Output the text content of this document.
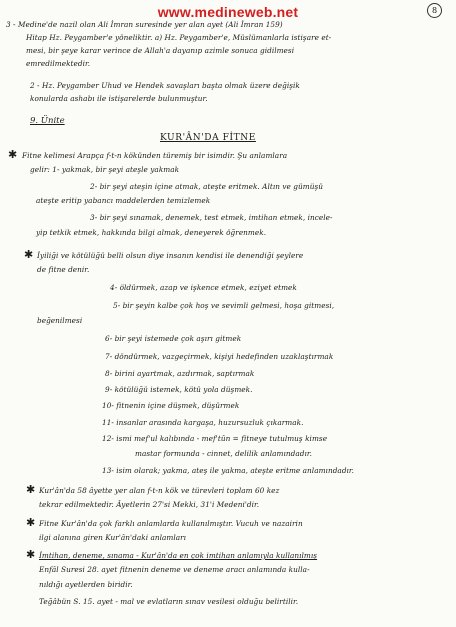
www.medineweb.net	8
3 - Medine'de nazil olan Ali İmran suresinde yer alan ayet (Ali İmran 159)
Hitap Hz. Peygamber'e yöneliktir. a) Hz. Peygamber'e, Müslümanlarla istişare et-
mesi, bir şeye karar verince de Allah'a dayanıp azimle sonuca gidilmesi
emredilmektedir.
2 - Hz. Peygamber Uhud ve Hendek savaşları başta olmak üzere değişik
konularda ashabı ile istişarelerde bulunmuştur.
9. Ünite
KUR'ÂN'DA FİTNE
✱ Fitne kelimesi Arapça f-t-n kökünden türemiş bir isimdir. Şu anlamlara
gelir: 1- yakmak, bir şeyi ateşle yakmak
2- bir şeyi ateşin içine atmak, ateşte eritmek. Altın ve gümüşü
ateşte eritip yabancı maddelerden temizlemek
3- bir şeyi sınamak, denemek, test etmek, imtihan etmek, incele-
yip tetkik etmek, hakkında bilgi almak, deneyerek öğrenmek.
✱ İyiliği ve kötülüğü belli olsun diye insanın kendisi ile denendiği şeylere
de fitne denir.
4- öldürmek, azap ve işkence etmek, eziyet etmek
5- bir şeyin kalbe çok hoş ve sevimli gelmesi, hoşa gitmesi,
beğenilmesi
6- bir şeyi istemede çok aşırı gitmek
7- döndürmek, vazgeçirmek, kişiyi hedefinden uzaklaştırmak
8- birini ayartmak, azdırmak, saptırmak
9- kötülüğü istemek, kötü yola düşmek.
10- fitnenin içine düşmek, düşürmek
11- insanlar arasında kargaşa, huzursuzluk çıkarmak.
12- ismi mef'ul kalıbında - mef'tûn = fitneye tutulmuş kimse
mastar formunda - cinnet, delilik anlamındadır.
13- isim olarak; yakma, ateş ile yakma, ateşte eritme anlamındadır.
✱ Kur'ân'da 58 âyette yer alan f-t-n kök ve türevleri toplam 60 kez
tekrar edilmektedir. Âyetlerin 27'si Mekki, 31'i Medeni'dir.
✱ Fitne Kur'ân'da çok farklı anlamlarda kullanılmıştır. Vucuh ve nazairin
ilgi alanına giren Kur'ân'daki anlamları
✱ İmtihan, deneme, sınama - Kur'ân'da en çok imtihan anlamıyla kullanılmış
Enfâl Suresi 28. ayet fitnenin deneme ve deneme aracı anlamında kulla-
nıldığı ayetlerden biridir.
Teğâbün S. 15. ayet - mal ve evlatların sınav vesilesi olduğu belirtilir.
